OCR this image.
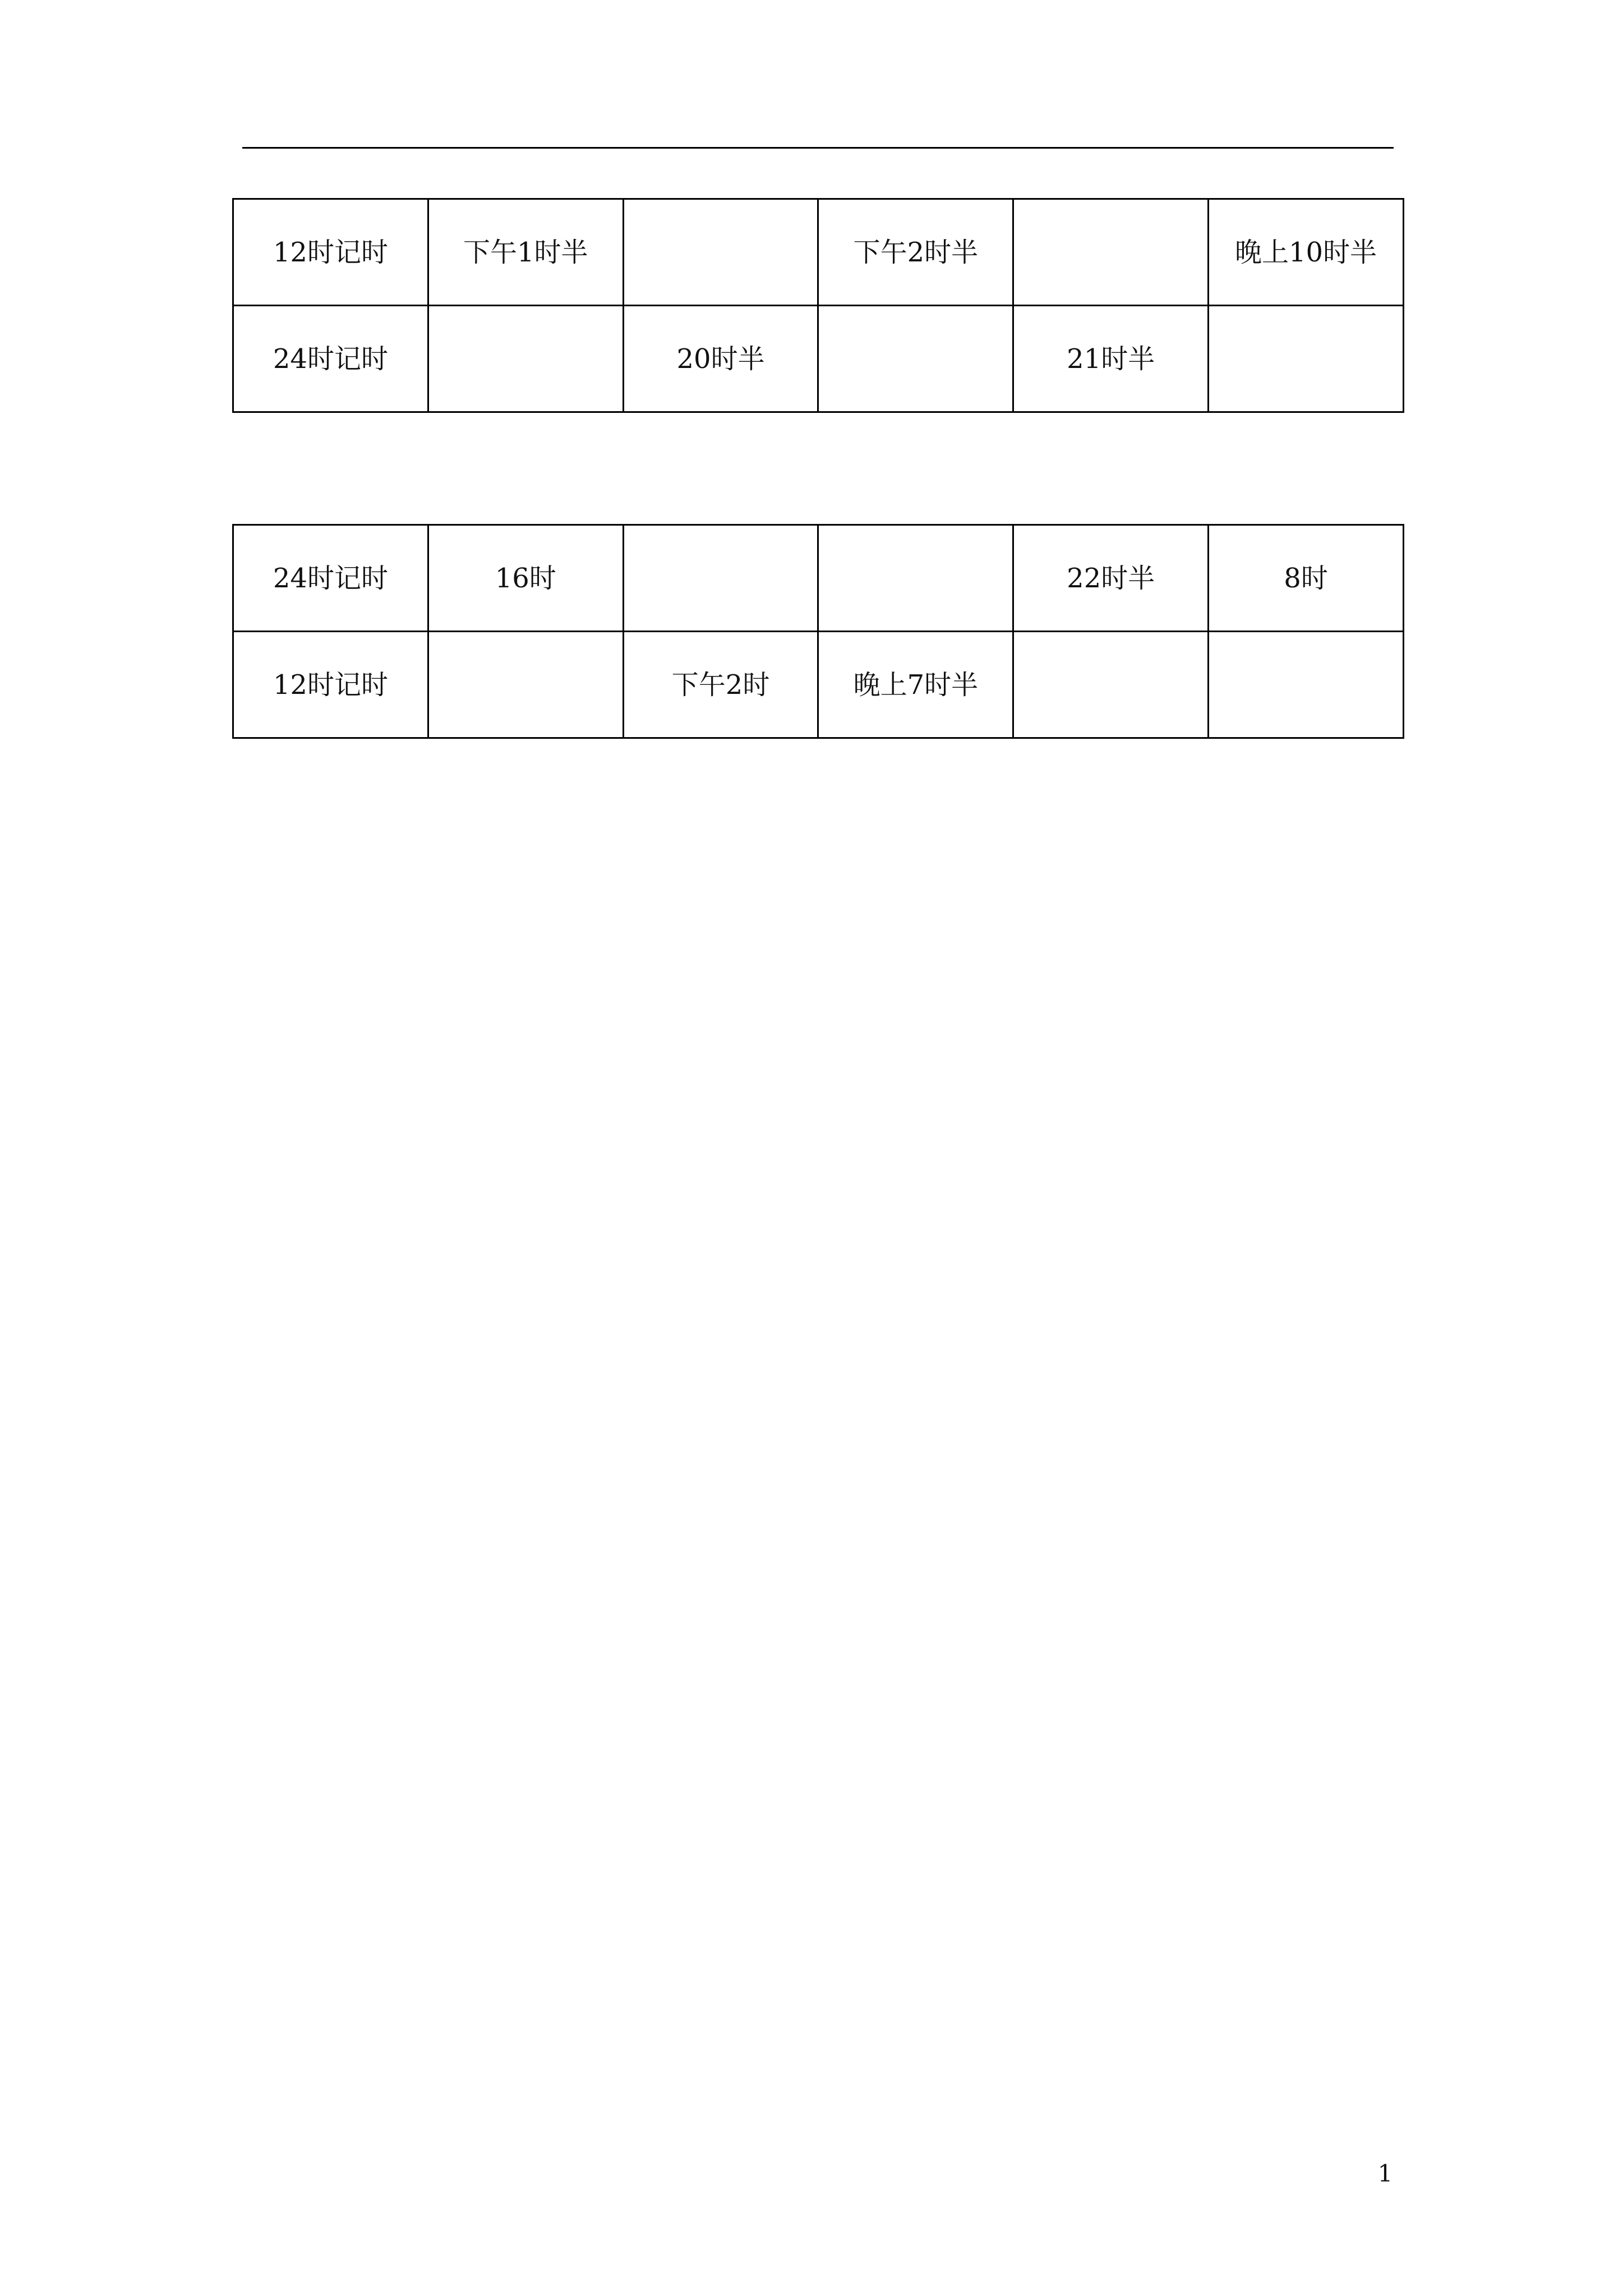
12时记时	下午1时半		下午2时半		晚上10时半
24时记时		20时半		21时半	
24时记时	16时			22时半	8时
12时记时		下午2时	晚上7时半		
1
